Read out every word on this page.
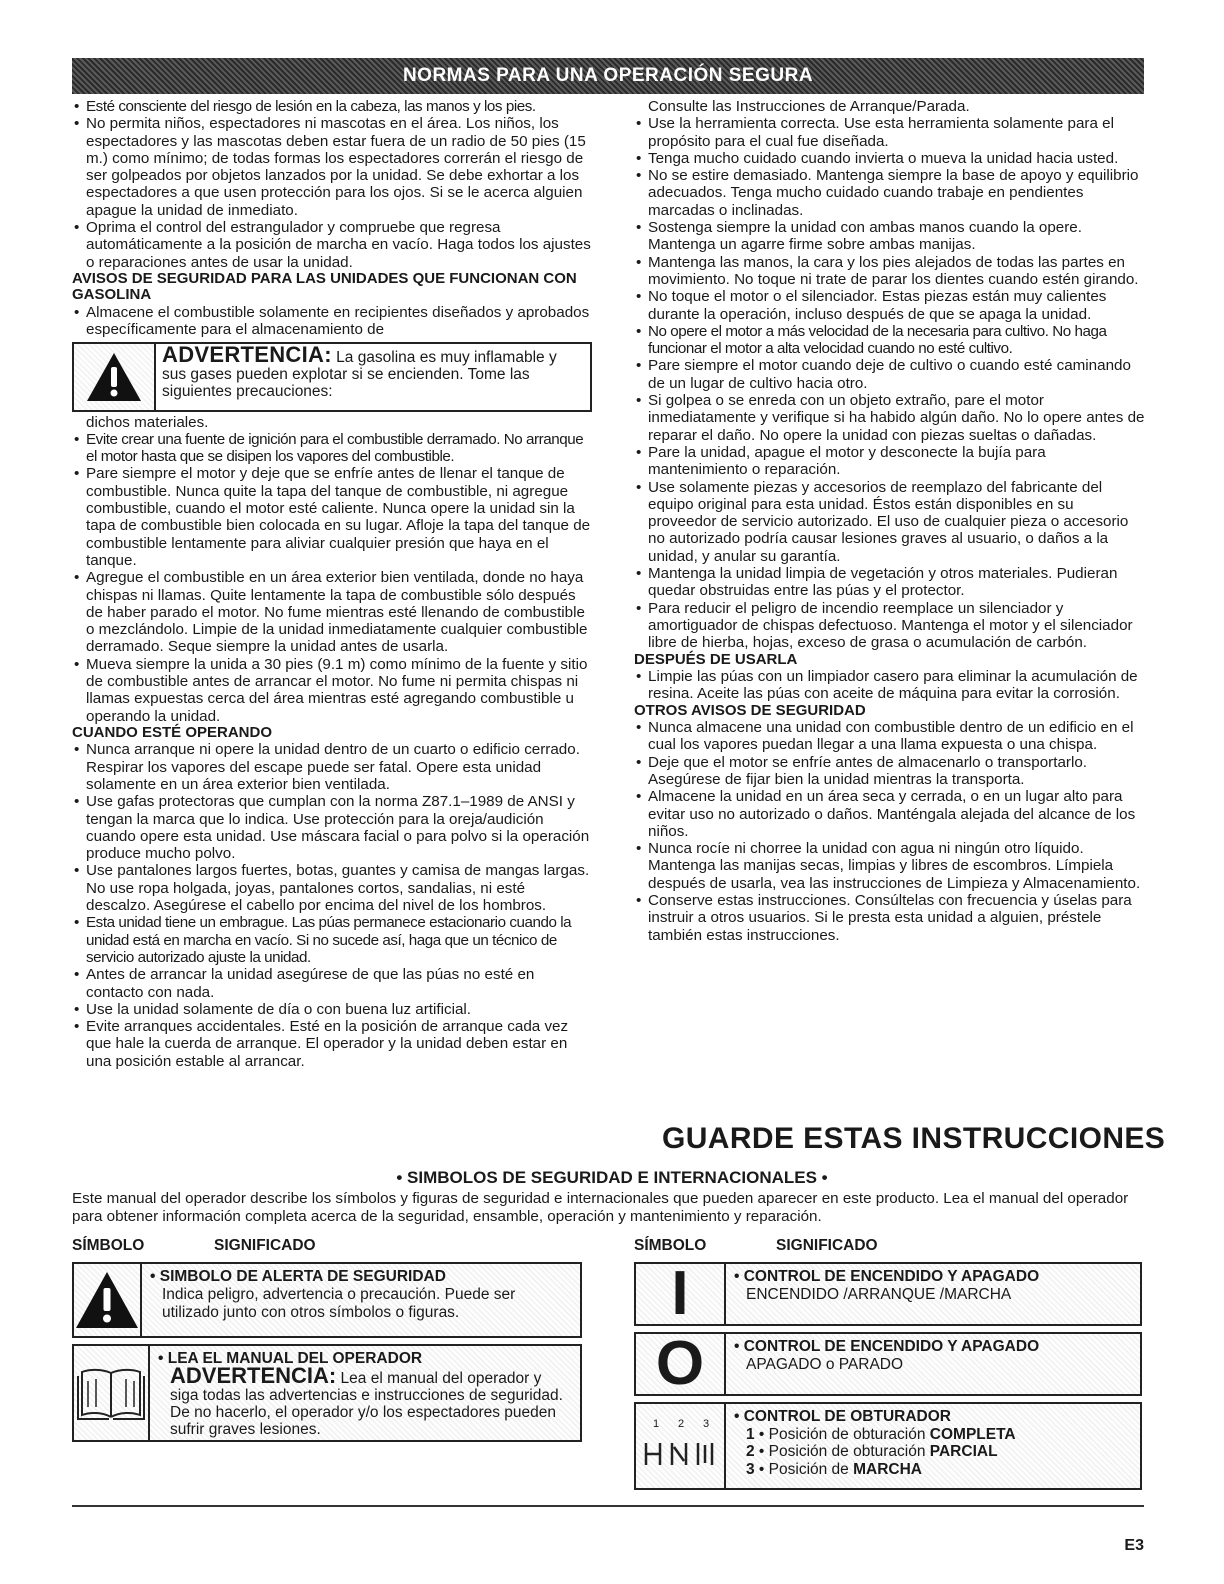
NORMAS PARA UNA OPERACIÓN SEGURA
• Esté consciente del riesgo de lesión en la cabeza, las manos y los pies.
• No permita niños, espectadores ni mascotas en el área. Los niños, los espectadores y las mascotas deben estar fuera de un radio de 50 pies (15 m.) como mínimo; de todas formas los espectadores correrán el riesgo de ser golpeados por objetos lanzados por la unidad. Se debe exhortar a los espectadores a que usen protección para los ojos. Si se le acerca alguien apague la unidad de inmediato.
• Oprima el control del estrangulador y compruebe que regresa automáticamente a la posición de marcha en vacío. Haga todos los ajustes o reparaciones antes de usar la unidad.
AVISOS DE SEGURIDAD PARA LAS UNIDADES QUE FUNCIONAN CON GASOLINA
• Almacene el combustible solamente en recipientes diseñados y aprobados específicamente para el almacenamiento de
ADVERTENCIA: La gasolina es muy inflamable y sus gases pueden explotar si se encienden. Tome las siguientes precauciones:
dichos materiales.
• Evite crear una fuente de ignición para el combustible derramado. No arranque el motor hasta que se disipen los vapores del combustible.
• Pare siempre el motor y deje que se enfríe antes de llenar el tanque de combustible. Nunca quite la tapa del tanque de combustible, ni agregue combustible, cuando el motor esté caliente. Nunca opere la unidad sin la tapa de combustible bien colocada en su lugar. Afloje la tapa del tanque de combustible lentamente para aliviar cualquier presión que haya en el tanque.
• Agregue el combustible en un área exterior bien ventilada, donde no haya chispas ni llamas. Quite lentamente la tapa de combustible sólo después de haber parado el motor. No fume mientras esté llenando de combustible o mezclándolo. Limpie de la unidad inmediatamente cualquier combustible derramado. Seque siempre la unidad antes de usarla.
• Mueva siempre la unida a 30 pies (9.1 m) como mínimo de la fuente y sitio de combustible antes de arrancar el motor. No fume ni permita chispas ni llamas expuestas cerca del área mientras esté agregando combustible u operando la unidad.
CUANDO ESTÉ OPERANDO
• Nunca arranque ni opere la unidad dentro de un cuarto o edificio cerrado. Respirar los vapores del escape puede ser fatal. Opere esta unidad solamente en un área exterior bien ventilada.
• Use gafas protectoras que cumplan con la norma Z87.1–1989 de ANSI y tengan la marca que lo indica. Use protección para la oreja/audición cuando opere esta unidad. Use máscara facial o para polvo si la operación produce mucho polvo.
• Use pantalones largos fuertes, botas, guantes y camisa de mangas largas. No use ropa holgada, joyas, pantalones cortos, sandalias, ni esté descalzo. Asegúrese el cabello por encima del nivel de los hombros.
• Esta unidad tiene un embrague. Las púas permanece estacionario cuando la unidad está en marcha en vacío. Si no sucede así, haga que un técnico de servicio autorizado ajuste la unidad.
• Antes de arrancar la unidad asegúrese de que las púas no esté en contacto con nada.
• Use la unidad solamente de día o con buena luz artificial.
• Evite arranques accidentales. Esté en la posición de arranque cada vez que hale la cuerda de arranque. El operador y la unidad deben estar en una posición estable al arrancar.
Consulte las Instrucciones de Arranque/Parada.
• Use la herramienta correcta. Use esta herramienta solamente para el propósito para el cual fue diseñada.
• Tenga mucho cuidado cuando invierta o mueva la unidad hacia usted.
• No se estire demasiado. Mantenga siempre la base de apoyo y equilibrio adecuados. Tenga mucho cuidado cuando trabaje en pendientes marcadas o inclinadas.
• Sostenga siempre la unidad con ambas manos cuando la opere. Mantenga un agarre firme sobre ambas manijas.
• Mantenga las manos, la cara y los pies alejados de todas las partes en movimiento. No toque ni trate de parar los dientes cuando estén girando.
• No toque el motor o el silenciador. Estas piezas están muy calientes durante la operación, incluso después de que se apaga la unidad.
• No opere el motor a más velocidad de la necesaria para cultivo. No haga funcionar el motor a alta velocidad cuando no esté cultivo.
• Pare siempre el motor cuando deje de cultivo o cuando esté caminando de un lugar de cultivo hacia otro.
• Si golpea o se enreda con un objeto extraño, pare el motor inmediatamente y verifique si ha habido algún daño. No lo opere antes de reparar el daño. No opere la unidad con piezas sueltas o dañadas.
• Pare la unidad, apague el motor y desconecte la bujía para mantenimiento o reparación.
• Use solamente piezas y accesorios de reemplazo del fabricante del equipo original para esta unidad. Éstos están disponibles en su proveedor de servicio autorizado. El uso de cualquier pieza o accesorio no autorizado podría causar lesiones graves al usuario, o daños a la unidad, y anular su garantía.
• Mantenga la unidad limpia de vegetación y otros materiales. Pudieran quedar obstruidas entre las púas y el protector.
• Para reducir el peligro de incendio reemplace un silenciador y amortiguador de chispas defectuoso. Mantenga el motor y el silenciador libre de hierba, hojas, exceso de grasa o acumulación de carbón.
DESPUÉS DE USARLA
• Limpie las púas con un limpiador casero para eliminar la acumulación de resina. Aceite las púas con aceite de máquina para evitar la corrosión.
OTROS AVISOS DE SEGURIDAD
• Nunca almacene una unidad con combustible dentro de un edificio en el cual los vapores puedan llegar a una llama expuesta o una chispa.
• Deje que el motor se enfríe antes de almacenarlo o transportarlo. Asegúrese de fijar bien la unidad mientras la transporta.
• Almacene la unidad en un área seca y cerrada, o en un lugar alto para evitar uso no autorizado o daños. Manténgala alejada del alcance de los niños.
• Nunca rocíe ni chorree la unidad con agua ni ningún otro líquido. Mantenga las manijas secas, limpias y libres de escombros. Límpiela después de usarla, vea las instrucciones de Limpieza y Almacenamiento.
• Conserve estas instrucciones. Consúltelas con frecuencia y úselas para instruir a otros usuarios. Si le presta esta unidad a alguien, préstele también estas instrucciones.
GUARDE ESTAS INSTRUCCIONES
• SIMBOLOS DE SEGURIDAD E INTERNACIONALES •
Este manual del operador describe los símbolos y figuras de seguridad e internacionales que pueden aparecer en este producto. Lea el manual del operador para obtener información completa acerca de la seguridad, ensamble, operación y mantenimiento y reparación.
SÍMBOLO	SIGNIFICADO	SÍMBOLO	SIGNIFICADO
• SIMBOLO DE ALERTA DE SEGURIDAD
Indica peligro, advertencia o precaución. Puede ser utilizado junto con otros símbolos o figuras.
• LEA EL MANUAL DEL OPERADOR
ADVERTENCIA: Lea el manual del operador y siga todas las advertencias e instrucciones de seguridad. De no hacerlo, el operador y/o los espectadores pueden sufrir graves lesiones.
I	• CONTROL DE ENCENDIDO Y APAGADO
ENCENDIDO /ARRANQUE /MARCHA
O • CONTROL DE ENCENDIDO Y APAGADO
APAGADO o PARADO
1 2 3 • CONTROL DE OBTURADOR
1 • Posición de obturación COMPLETA
2 • Posición de obturación PARCIAL
3 • Posición de MARCHA
E3
